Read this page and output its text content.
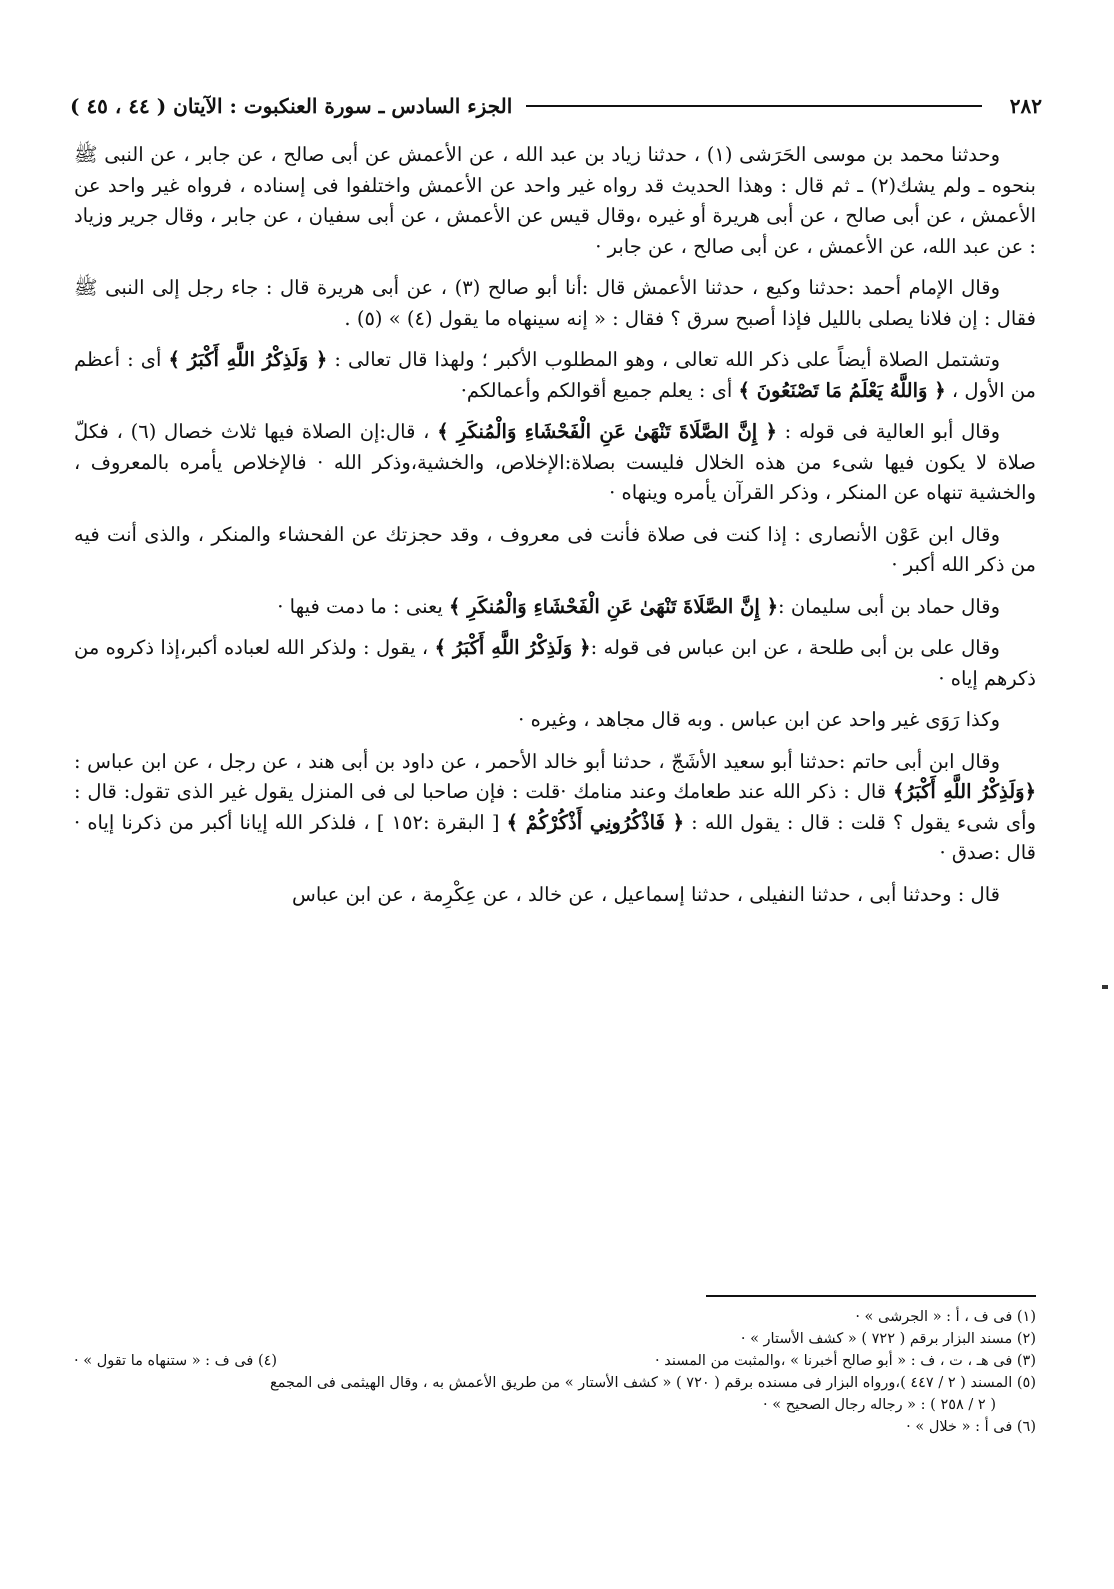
٢٨٢
الجزء السادس ـ سورة العنكبوت : الآيتان ( ٤٤ ، ٤٥ )

وحدثنا محمد بن موسى الحَرَشى (١) ، حدثنا زياد بن عبد الله ، عن الأعمش عن أبى صالح ، عن جابر ، عن النبى ﷺ بنحوه ـ ولم يشك(٢) ـ ثم قال : وهذا الحديث قد رواه غير واحد عن الأعمش واختلفوا فى إسناده ، فرواه غير واحد عن الأعمش ، عن أبى صالح ، عن أبى هريرة أو غيره ،وقال قيس عن الأعمش ، عن أبى سفيان ، عن جابر ، وقال جرير وزياد : عن عبد الله، عن الأعمش ، عن أبى صالح ، عن جابر ·

وقال الإمام أحمد :حدثنا وكيع ، حدثنا الأعمش قال :أنا أبو صالح (٣) ، عن أبى هريرة قال : جاء رجل إلى النبى ﷺ فقال : إن فلانا يصلى بالليل فإذا أصبح سرق ؟ فقال : « إنه سينهاه ما يقول (٤) » (٥) .

وتشتمل الصلاة أيضاً على ذكر الله تعالى ، وهو المطلوب الأكبر ؛ ولهذا قال تعالى : ﴿ وَلَذِكْرُ اللَّهِ أَكْبَرُ ﴾ أى : أعظم من الأول ، ﴿ وَاللَّهُ يَعْلَمُ مَا تَصْنَعُونَ ﴾ أى : يعلم جميع أقوالكم وأعمالكم·

وقال أبو العالية فى قوله : ﴿ إِنَّ الصَّلَاةَ تَنْهَىٰ عَنِ الْفَحْشَاءِ وَالْمُنكَرِ ﴾ ، قال:إن الصلاة فيها ثلاث خصال (٦) ، فكلّ صلاة لا يكون فيها شىء من هذه الخلال فليست بصلاة:الإخلاص، والخشية،وذكر الله · فالإخلاص يأمره بالمعروف ، والخشية تنهاه عن المنكر ، وذكر القرآن يأمره وينهاه ·

وقال ابن عَوْن الأنصارى : إذا كنت فى صلاة فأنت فى معروف ، وقد حجزتك عن الفحشاء والمنكر ، والذى أنت فيه من ذكر الله أكبر ·

وقال حماد بن أبى سليمان :﴿ إِنَّ الصَّلَاةَ تَنْهَىٰ عَنِ الْفَحْشَاءِ وَالْمُنكَرِ ﴾ يعنى : ما دمت فيها ·

وقال على بن أبى طلحة ، عن ابن عباس فى قوله :﴿ وَلَذِكْرُ اللَّهِ أَكْبَرُ ﴾ ، يقول : ولذكر الله لعباده أكبر،إذا ذكروه من ذكرهم إياه ·

وكذا رَوَى غير واحد عن ابن عباس . وبه قال مجاهد ، وغيره ·

وقال ابن أبى حاتم :حدثنا أبو سعيد الأشَجّ ، حدثنا أبو خالد الأحمر ، عن داود بن أبى هند ، عن رجل ، عن ابن عباس : ﴿وَلَذِكْرُ اللَّهِ أَكْبَرُ﴾ قال : ذكر الله عند طعامك وعند منامك ·قلت : فإن صاحبا لى فى المنزل يقول غير الذى تقول: قال : وأى شىء يقول ؟ قلت : قال : يقول الله : ﴿ فَاذْكُرُونِي أَذْكُرْكُمْ ﴾ [ البقرة :١٥٢ ] ، فلذكر الله إيانا أكبر من ذكرنا إياه · قال :صدق ·

قال : وحدثنا أبى ، حدثنا النفيلى ، حدثنا إسماعيل ، عن خالد ، عن عِكْرِمة ، عن ابن عباس

(١) فى ف ، أ : « الجرشى » ·
(٢) مسند البزار برقم ( ٧٢٢ ) « كشف الأستار » ·
(٣) فى هـ ، ت ، ف : « أبو صالح أخبرنا » ،والمثبت من المسند ·
(٤) فى ف : « ستنهاه ما تقول » ·
(٥) المسند ( ٢ / ٤٤٧ )،ورواه البزار فى مسنده برقم ( ٧٢٠ ) « كشف الأستار » من طريق الأعمش به ، وقال الهيثمى فى المجمع
( ٢ / ٢٥٨ ) : « رجاله رجال الصحيح » ·
(٦) فى أ : « خلال » ·
